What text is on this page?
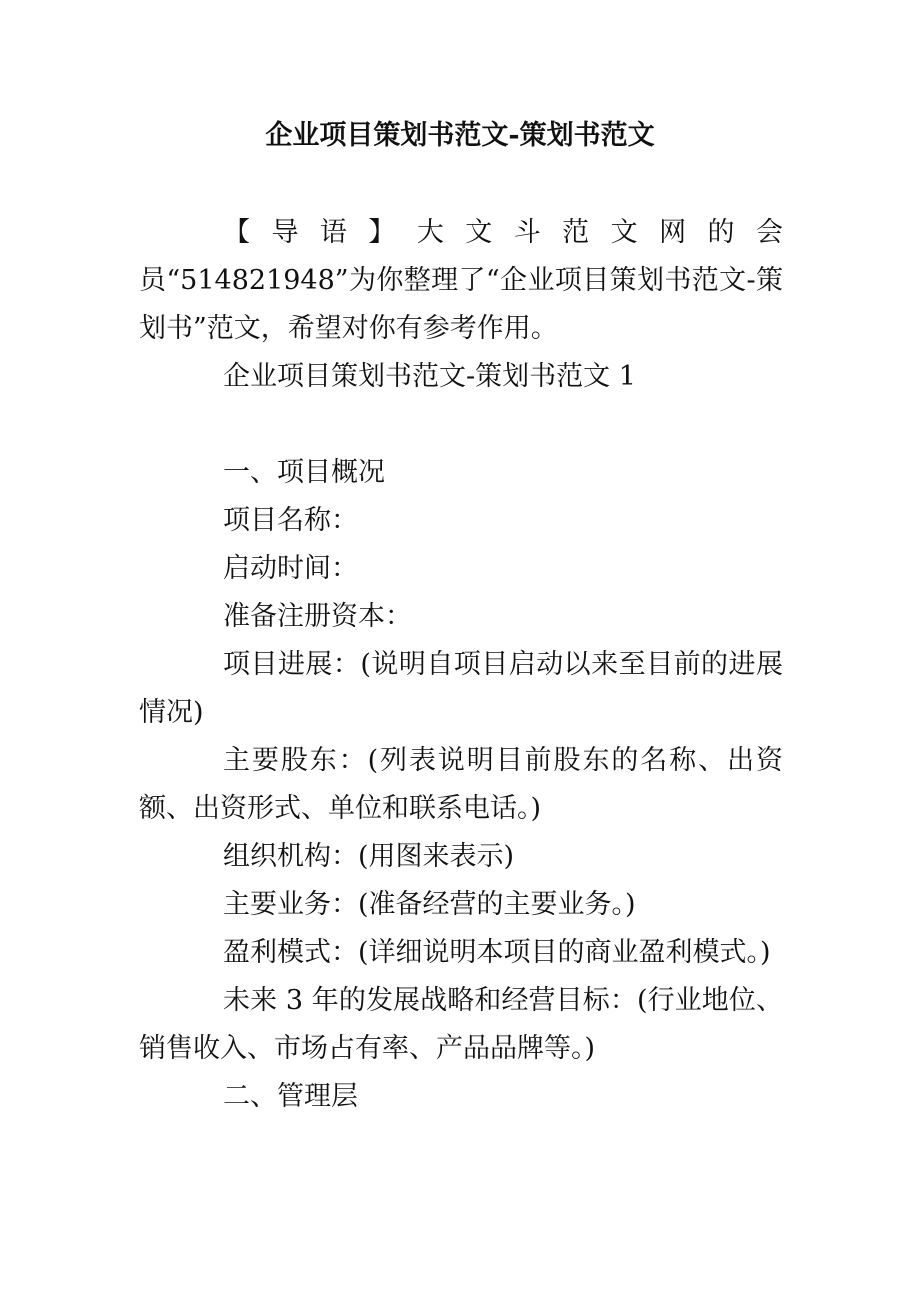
企业项目策划书范文-策划书范文

【导语】大文斗范文网的会员“514821948”为你整理了“企业项目策划书范文-策划书”范文，希望对你有参考作用。

企业项目策划书范文-策划书范文 1

一、项目概况

项目名称：

启动时间：

准备注册资本：

项目进展：(说明自项目启动以来至目前的进展情况)

主要股东：(列表说明目前股东的名称、出资额、出资形式、单位和联系电话。)

组织机构：(用图来表示)

主要业务：(准备经营的主要业务。)

盈利模式：(详细说明本项目的商业盈利模式。)

未来 3 年的发展战略和经营目标：(行业地位、销售收入、市场占有率、产品品牌等。)

二、管理层
